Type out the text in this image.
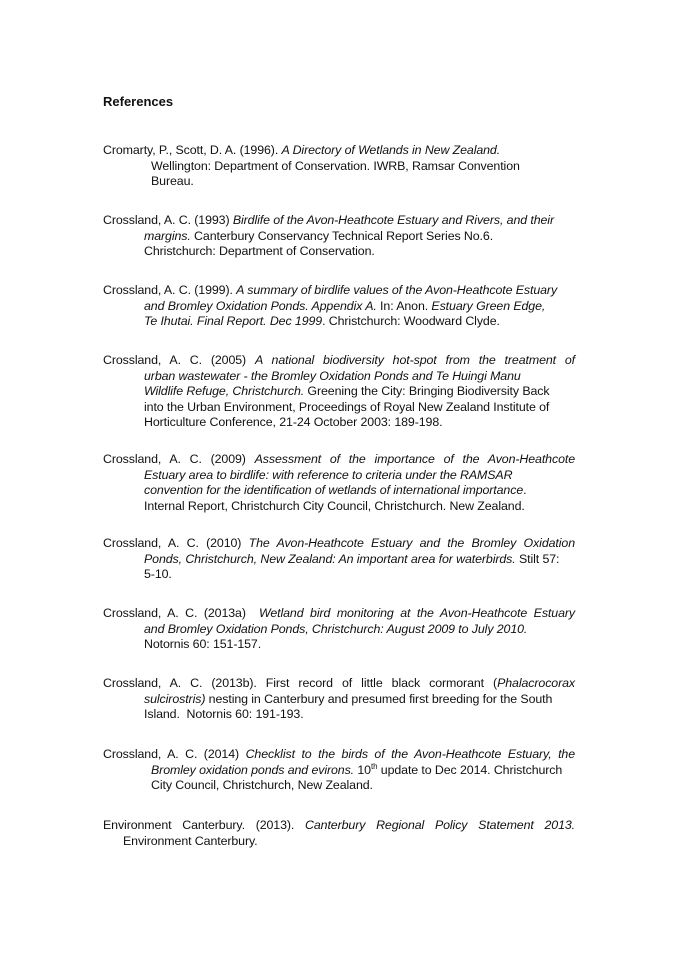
References

Cromarty, P., Scott, D. A. (1996). A Directory of Wetlands in New Zealand.
Wellington: Department of Conservation. IWRB, Ramsar Convention
Bureau.

Crossland, A. C. (1993) Birdlife of the Avon-Heathcote Estuary and Rivers, and their
margins. Canterbury Conservancy Technical Report Series No.6.
Christchurch: Department of Conservation.

Crossland, A. C. (1999). A summary of birdlife values of the Avon-Heathcote Estuary
and Bromley Oxidation Ponds. Appendix A. In: Anon. Estuary Green Edge,
Te Ihutai. Final Report. Dec 1999. Christchurch: Woodward Clyde.

Crossland, A. C. (2005) A national biodiversity hot-spot from the treatment of
urban wastewater - the Bromley Oxidation Ponds and Te Huingi Manu
Wildlife Refuge, Christchurch. Greening the City: Bringing Biodiversity Back
into the Urban Environment, Proceedings of Royal New Zealand Institute of
Horticulture Conference, 21-24 October 2003: 189-198.

Crossland, A. C. (2009) Assessment of the importance of the Avon-Heathcote
Estuary area to birdlife: with reference to criteria under the RAMSAR
convention for the identification of wetlands of international importance.
Internal Report, Christchurch City Council, Christchurch. New Zealand.

Crossland, A. C. (2010) The Avon-Heathcote Estuary and the Bromley Oxidation
Ponds, Christchurch, New Zealand: An important area for waterbirds. Stilt 57:
5-10.

Crossland, A. C. (2013a)  Wetland bird monitoring at the Avon-Heathcote Estuary
and Bromley Oxidation Ponds, Christchurch: August 2009 to July 2010.
Notornis 60: 151-157.

Crossland, A. C. (2013b). First record of little black cormorant (Phalacrocorax
sulcirostris) nesting in Canterbury and presumed first breeding for the South
Island.  Notornis 60: 191-193.

Crossland, A. C. (2014) Checklist to the birds of the Avon-Heathcote Estuary, the
Bromley oxidation ponds and evirons. 10th update to Dec 2014. Christchurch
City Council, Christchurch, New Zealand.

Environment Canterbury. (2013). Canterbury Regional Policy Statement 2013.
Environment Canterbury.
